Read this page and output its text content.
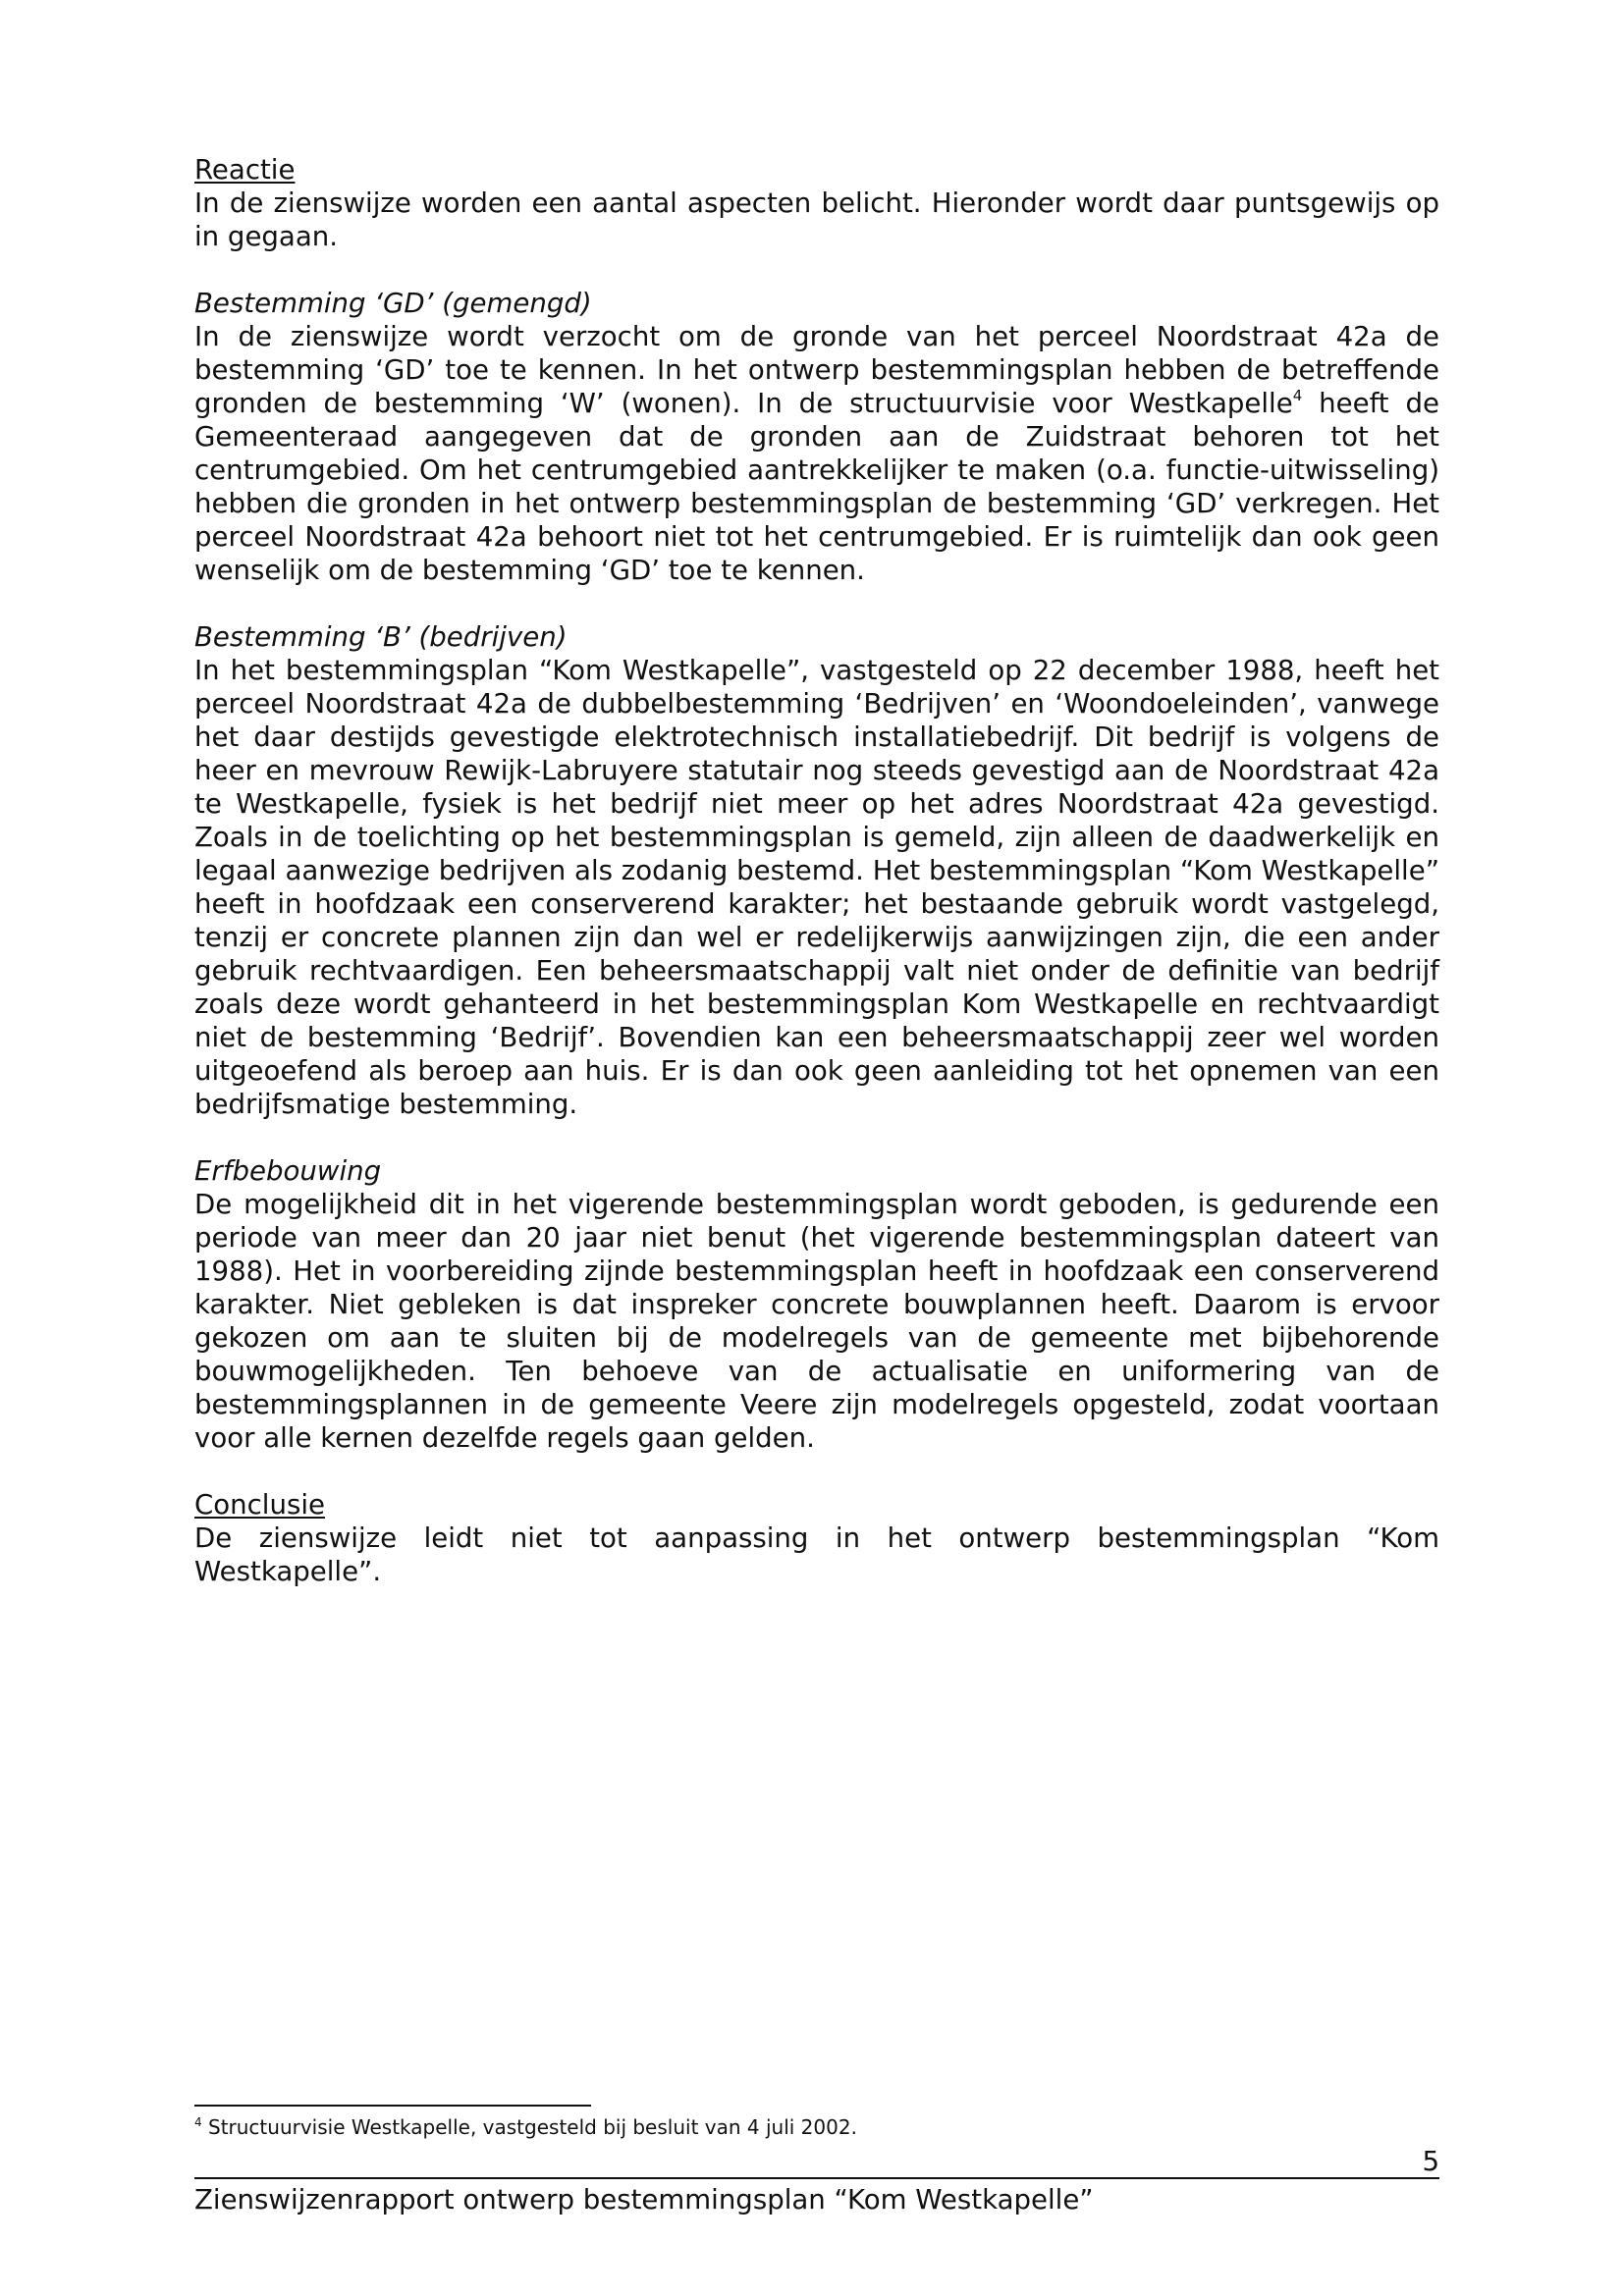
Reactie

In de zienswijze worden een aantal aspecten belicht. Hieronder wordt daar puntsgewijs op in gegaan.

Bestemming ‘GD’ (gemengd)

In de zienswijze wordt verzocht om de gronde van het perceel Noordstraat 42a de bestemming ‘GD’ toe te kennen. In het ontwerp bestemmingsplan hebben de betreffende gronden de bestemming ‘W’ (wonen). In de structuurvisie voor Westkapelle$^4$ heeft de Gemeenteraad aangegeven dat de gronden aan de Zuidstraat behoren tot het centrumgebied. Om het centrumgebied aantrekkelijker te maken (o.a. functie-uitwisseling) hebben die gronden in het ontwerp bestemmingsplan de bestemming ‘GD’ verkregen. Het perceel Noordstraat 42a behoort niet tot het centrumgebied. Er is ruimtelijk dan ook geen wenselijk om de bestemming ‘GD’ toe te kennen.

Bestemming ‘B’ (bedrijven)

In het bestemmingsplan “Kom Westkapelle”, vastgesteld op 22 december 1988, heeft het perceel Noordstraat 42a de dubbelbestemming ‘Bedrijven’ en ‘Woondoeleinden’, vanwege het daar destijds gevestigde elektrotechnisch installatiebedrijf. Dit bedrijf is volgens de heer en mevrouw Rewijk-Labruyere statutair nog steeds gevestigd aan de Noordstraat 42a te Westkapelle, fysiek is het bedrijf niet meer op het adres Noordstraat 42a gevestigd. Zoals in de toelichting op het bestemmingsplan is gemeld, zijn alleen de daadwerkelijk en legaal aanwezige bedrijven als zodanig bestemd. Het bestemmingsplan “Kom Westkapelle” heeft in hoofdzaak een conserverend karakter; het bestaande gebruik wordt vastgelegd, tenzij er concrete plannen zijn dan wel er redelijkerwijs aanwijzingen zijn, die een ander gebruik rechtvaardigen. Een beheersmaatschappij valt niet onder de definitie van bedrijf zoals deze wordt gehanteerd in het bestemmingsplan Kom Westkapelle en rechtvaardigt niet de bestemming ‘Bedrijf’. Bovendien kan een beheersmaatschappij zeer wel worden uitgeoefend als beroep aan huis. Er is dan ook geen aanleiding tot het opnemen van een bedrijfsmatige bestemming.

Erfbebouwing

De mogelijkheid dit in het vigerende bestemmingsplan wordt geboden, is gedurende een periode van meer dan 20 jaar niet benut (het vigerende bestemmingsplan dateert van 1988). Het in voorbereiding zijnde bestemmingsplan heeft in hoofdzaak een conserverend karakter. Niet gebleken is dat inspreker concrete bouwplannen heeft. Daarom is ervoor gekozen om aan te sluiten bij de modelregels van de gemeente met bijbehorende bouwmogelijkheden. Ten behoeve van de actualisatie en uniformering van de bestemmingsplannen in de gemeente Veere zijn modelregels opgesteld, zodat voortaan voor alle kernen dezelfde regels gaan gelden.

Conclusie

De zienswijze leidt niet tot aanpassing in het ontwerp bestemmingsplan “Kom Westkapelle”.

$^4$ Structuurvisie Westkapelle, vastgesteld bij besluit van 4 juli 2002.
5
Zienswijzenrapport ontwerp bestemmingsplan “Kom Westkapelle”
